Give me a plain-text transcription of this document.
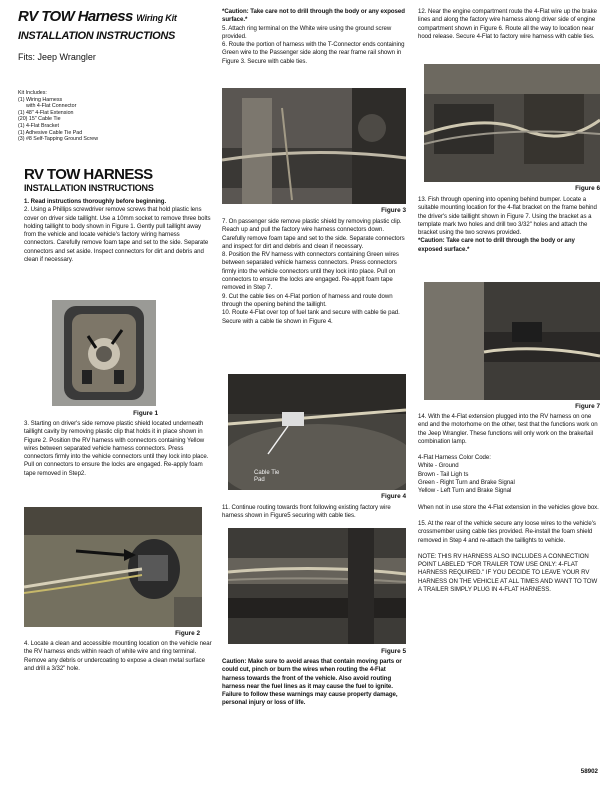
RV TOW Harness Wiring Kit
INSTALLATION INSTRUCTIONS
Fits: Jeep Wrangler
Kit Includes:
(1) Wiring Harness
with 4-Flat Connector
(1) 48" 4-Flat Extension
(20) 15" Cable Tie
(1) 4-Flat Bracket
(1) Adhesive Cable Tie Pad
(3) #8 Self-Tapping Ground Screw
RV TOW HARNESS
INSTALLATION INSTRUCTIONS

1. Read instructions thoroughly before beginning.

2. Using a Phillips screwdriver remove screws that hold plastic lens cover on driver side taillight. Use a 10mm socket to remove three bolts holding taillight to body shown in Figure 1. Gently pull taillight away from the vehicle and locate vehicle's factory wiring harness connectors. Carefully remove foam tape and set to the side. Separate connectors and set aside. Inspect connectors for dirt and debris and clean if necessary.

Figure 1

3. Starting on driver's side remove plastic shield located underneath taillight cavity by removing plastic clip that holds it in place shown in Figure 2. Position the RV harness with connectors containing Yellow wires between separated vehicle harness connectors. Press connectors firmly into the vehicle connectors until they lock into place. Pull on connectors to ensure the locks are engaged. Re-apply foam tape removed in Step2.

Figure 2

4. Locate a clean and accessible mounting location on the vehicle near the RV harness ends within reach of white wire and ring terminal. Remove any debris or undercoating to expose a clean metal surface and drill a 3/32" hole.

*Caution: Take care not to drill through the body or any exposed surface.*

5. Attach ring terminal on the White wire using the ground screw provided.

6. Route the portion of harness with the T-Connector ends containing Green wire to the Passenger side along the rear frame rail shown in Figure 3. Secure with cable ties.

Figure 3

7. On passenger side remove plastic shield by removing plastic clip. Reach up and pull the factory wire harness connectors down. Carefully remove foam tape and set to the side. Separate connectors and inspect for dirt and debris and clean if necessary.

8. Position the RV harness with connectors containing Green wires between separated vehicle harness connectors. Press connectors firmly into the vehicle connectors until they lock into place. Pull on connectors to ensure the locks are engaged. Re-applt foam tape removed in Step 7.

9. Cut the cable ties on 4-Flat portion of harness and route down through the opening behind the taillight.

10. Route 4-Flat over top of fuel tank and secure with cable tie pad. Secure with a cable tie shown in Figure 4.

Cable Tie
Pad
Figure 4

11. Continue routing towards front following existing factory wire harness shown in Figure5 securing with cable ties.

Figure 5

Caution: Make sure to avoid areas that contain moving parts or could cut, pinch or burn the wires when routing the 4-Flat harness towards the front of the vehicle. Also avoid routing harness near the fuel lines as it may cause the fuel to ignite.

Failure to follow these warnings may cause property damage, personal injury or loss of life.

12. Near the engine compartment route the 4-Flat wire up the brake lines and along the factory wire harness along driver side of engine compartment shown in Figure 6. Route all the way to location near hood release. Secure 4-Flat to factory wire harness with cable ties.

Figure 6

13. Fish through opening into opening behind bumper. Locate a suitable mounting location for the 4-flat bracket on the frame behind the driver's side taillight shown in Figure 7. Using the bracket as a template mark two holes and drill two 3/32" holes and attach the bracket using the two screws provided.

*Caution: Take care not to drill through the body or any exposed surface.*

Figure 7

14. With the 4-Flat extension plugged into the RV harness on one end and the motorhome on the other, test that the functions work on the Jeep Wrangler. These functions will only work on the brake/tail combination lamp.

4-Flat Harness Color Code:

White - Ground

Brown - Tail Ligh ts

Green - Right Turn and Brake Signal

Yellow - Left Turn and Brake Signal

When not in use store the 4-Flat extension in the vehicles glove box.

15. At the rear of the vehicle secure any loose wires to the vehicle's crossmember using cable ties provided. Re-install the foam shield removed in Step 4 and re-attach the taillights to vehicle.

NOTE: THIS RV HARNESS ALSO INCLUDES A CONNECTION POINT LABELED "FOR TRAILER TOW USE ONLY: 4-FLAT HARNESS REQUIRED." IF YOU DECIDE TO LEAVE YOUR RV HARNESS ON THE VEHICLE AT ALL TIMES AND WANT TO TOW A TRAILER SIMPLY PLUG IN 4-FLAT HARNESS.

58902
